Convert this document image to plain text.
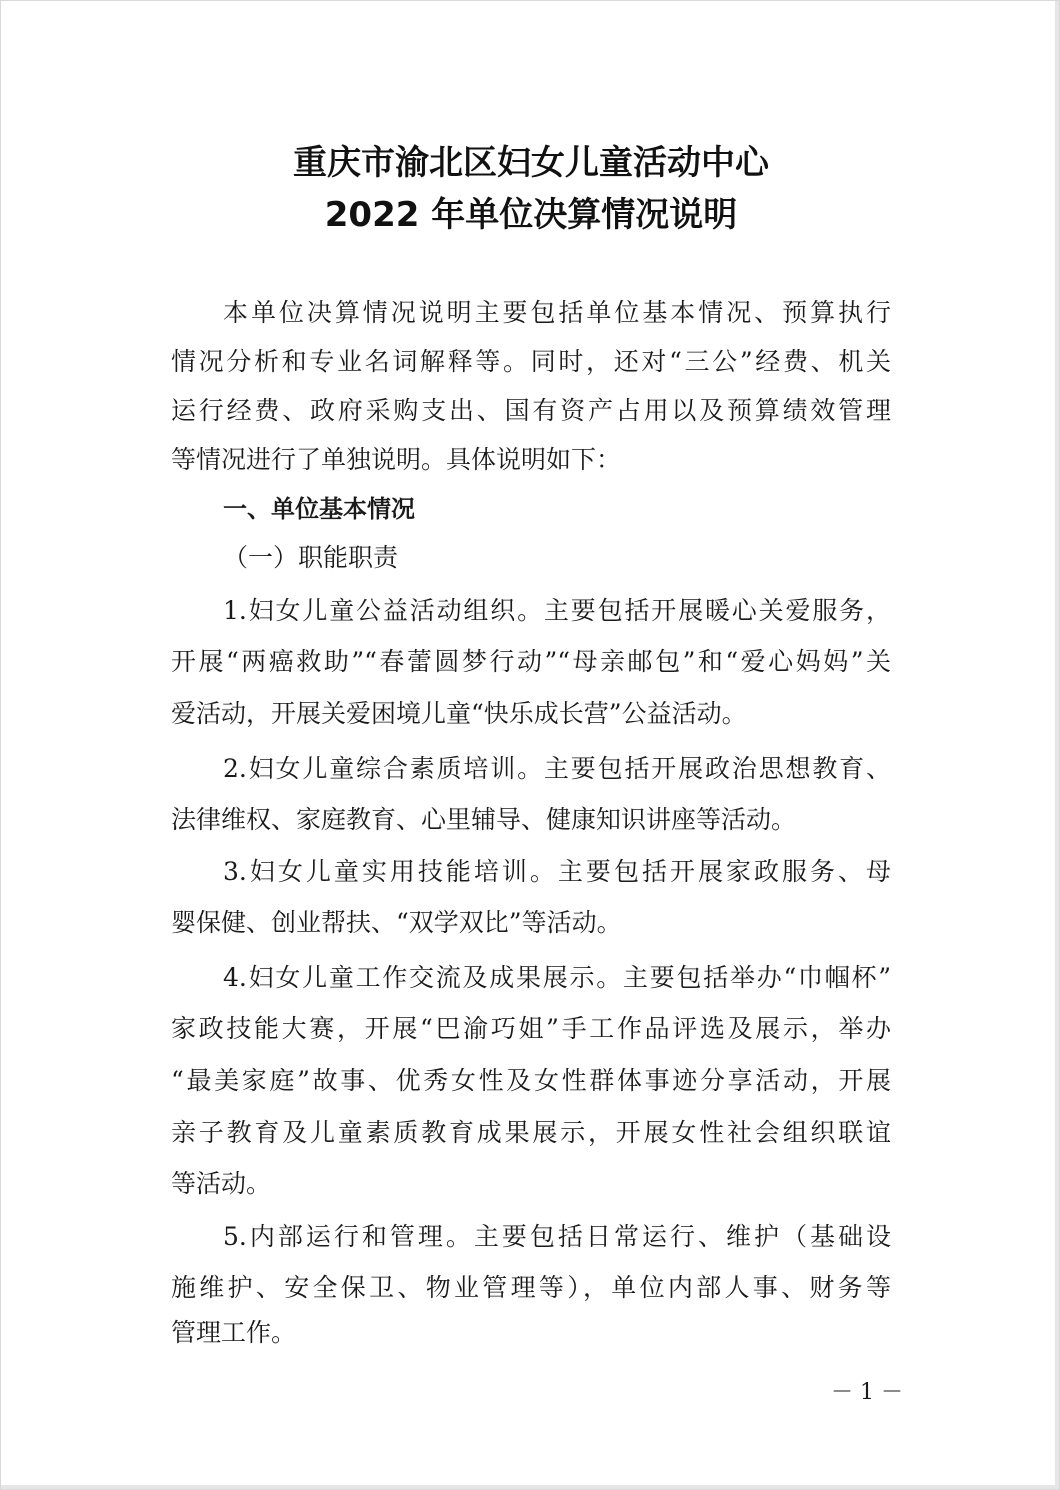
重庆市渝北区妇女儿童活动中心
2022 年单位决算情况说明
本单位决算情况说明主要包括单位基本情况、预算执行
情况分析和专业名词解释等。同时，还对“三公”经费、机关
运行经费、政府采购支出、国有资产占用以及预算绩效管理
等情况进行了单独说明。具体说明如下：
一、单位基本情况
（一）职能职责
1.妇女儿童公益活动组织。主要包括开展暖心关爱服务，
开展“两癌救助”“春蕾圆梦行动”“母亲邮包”和“爱心妈妈”关
爱活动，开展关爱困境儿童“快乐成长营”公益活动。
2.妇女儿童综合素质培训。主要包括开展政治思想教育、
法律维权、家庭教育、心里辅导、健康知识讲座等活动。
3.妇女儿童实用技能培训。主要包括开展家政服务、母
婴保健、创业帮扶、“双学双比”等活动。
4.妇女儿童工作交流及成果展示。主要包括举办“巾帼杯”
家政技能大赛，开展“巴渝巧姐”手工作品评选及展示，举办
“最美家庭”故事、优秀女性及女性群体事迹分享活动，开展
亲子教育及儿童素质教育成果展示，开展女性社会组织联谊
等活动。
5.内部运行和管理。主要包括日常运行、维护（基础设
施维护、安全保卫、物业管理等），单位内部人事、财务等
管理工作。
－ 1 －
